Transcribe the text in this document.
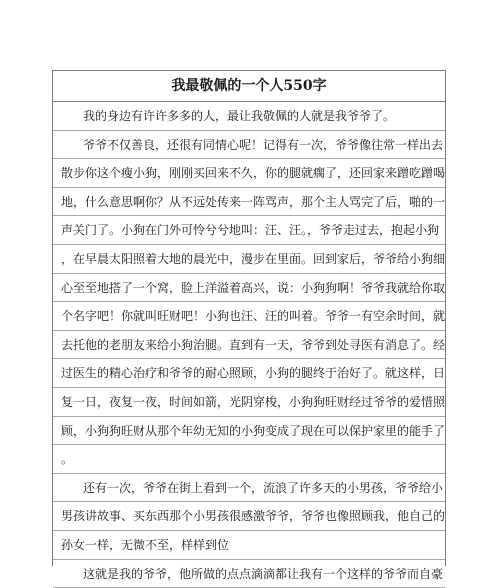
我最敬佩的一个人550字
我的身边有许许多多的人，最让我敬佩的人就是我爷爷了。
爷爷不仅善良，还很有同情心呢！记得有一次，爷爷像往常一样出去
散步你这个瘦小狗，刚刚买回来不久，你的腿就瘸了，还回家来蹭吃蹭喝
地，什么意思啊你？从不远处传来一阵骂声，那个主人骂完了后，啪的一
声关门了。小狗在门外可怜兮兮地叫：汪、汪。，爷爷走过去，抱起小狗
，在早晨太阳照着大地的晨光中，漫步在里面。回到家后，爷爷给小狗细
心至至地搭了一个窝，脸上洋溢着高兴，说：小狗狗啊！爷爷我就给你取
个名字吧！你就叫旺财吧！小狗也汪、汪的叫着。爷爷一有空余时间，就
去托他的老朋友来给小狗治腿。直到有一天，爷爷到处寻医有消息了。经
过医生的精心治疗和爷爷的耐心照顾，小狗的腿终于治好了。就这样，日
复一日，夜复一夜，时间如箭，光阴穿梭，小狗狗旺财经过爷爷的爱惜照
顾，小狗狗旺财从那个年幼无知的小狗变成了现在可以保护家里的能手了
。
还有一次，爷爷在街上看到一个，流浪了许多天的小男孩，爷爷给小
男孩讲故事、买东西那个小男孩很感激爷爷，爷爷也像照顾我，他自己的
孙女一样，无微不至，样样到位
这就是我的爷爷，他所做的点点滴滴都让我有一个这样的爷爷而自豪
